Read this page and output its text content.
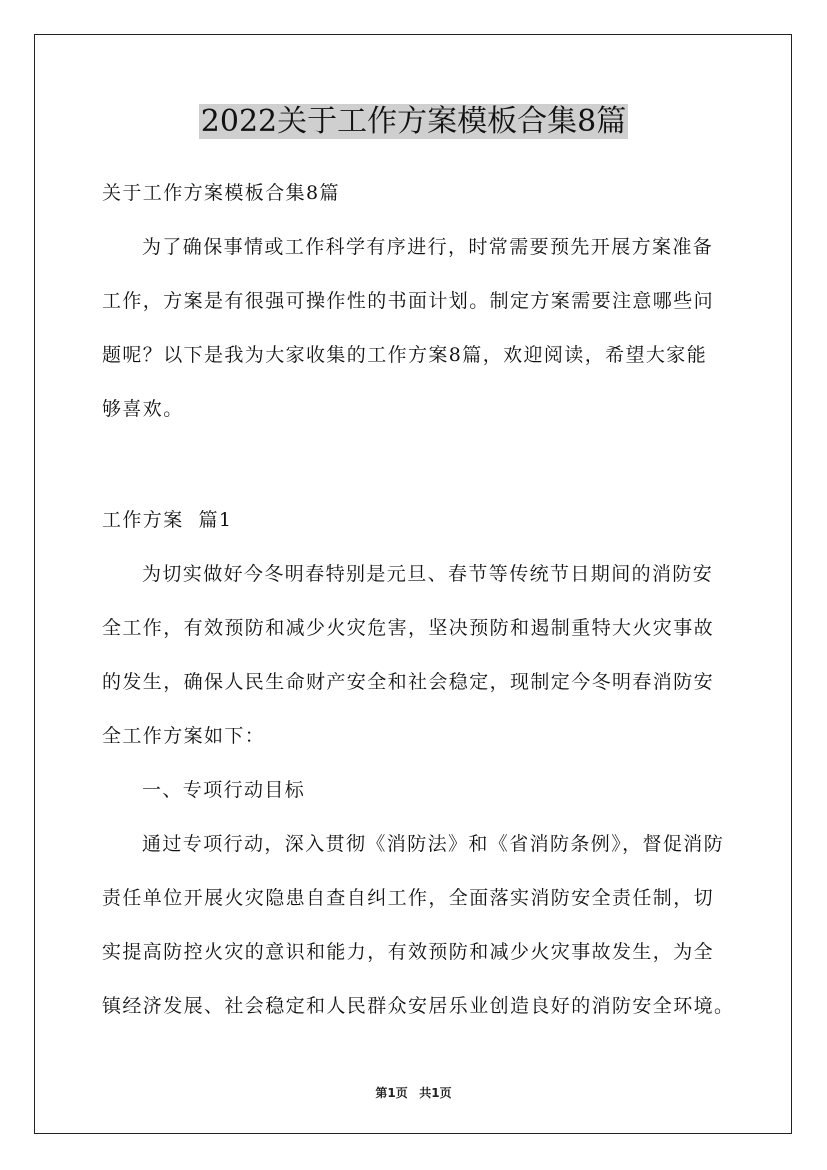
2022关于工作方案模板合集8篇

关于工作方案模板合集8篇

为了确保事情或工作科学有序进行，时常需要预先开展方案准备
工作，方案是有很强可操作性的书面计划。制定方案需要注意哪些问
题呢？以下是我为大家收集的工作方案8篇，欢迎阅读，希望大家能
够喜欢。

工作方案  篇1

为切实做好今冬明春特别是元旦、春节等传统节日期间的消防安
全工作，有效预防和减少火灾危害，坚决预防和遏制重特大火灾事故
的发生，确保人民生命财产安全和社会稳定，现制定今冬明春消防安
全工作方案如下：

一、专项行动目标

通过专项行动，深入贯彻《消防法》和《省消防条例》，督促消防
责任单位开展火灾隐患自查自纠工作，全面落实消防安全责任制，切
实提高防控火灾的意识和能力，有效预防和减少火灾事故发生，为全
镇经济发展、社会稳定和人民群众安居乐业创造良好的消防安全环境。

第1页 共1页
